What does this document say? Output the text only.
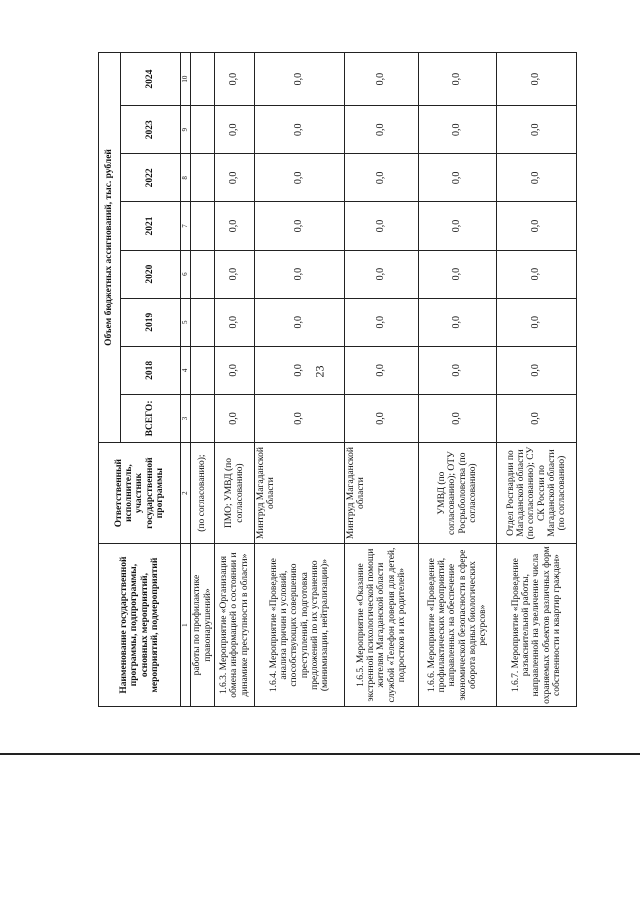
23
Наименование государственной программы, подпрограммы, основных мероприятий, мероприятий, подмероприятий	Ответственный исполнитель, участник государственной программы	Объем бюджетных ассигнований, тыс. рублей							
		ВСЕГО:	2018	2019	2020	2021	2022	2023	2024
1	2	3	4	5	6	7	8	9	10
работы по профилактике правонарушений»	(по согласованию);								
1.6.3. Мероприятие «Организация обмена информацией о состоянии и динамике преступности в области»	ПМО; УМВД (по согласованию)	0,0	0,0	0,0	0,0	0,0	0,0	0,0	0,0
1.6.4. Мероприятие «Проведение анализа причин и условий, способствующих совершению преступлений, подготовка предложений по их устранению (минимизации, нейтрализации)»	Минтруд Магаданской области	0,0	0,0	0,0	0,0	0,0	0,0	0,0	0,0
1.6.5. Мероприятие «Оказание экстренной психологической помощи жителям Магаданской области службой «Телефон доверия для детей, подростков и их родителей»	Минтруд Магаданской области	0,0	0,0	0,0	0,0	0,0	0,0	0,0	0,0
1.6.6. Мероприятие «Проведение профилактических мероприятий, направленных на обеспечение экономической безопасности в сфере оборота водных биологических ресурсов»	УМВД (по согласованию); ОТУ Росрыболовства (по согласованию)	0,0	0,0	0,0	0,0	0,0	0,0	0,0	0,0
1.6.7. Мероприятие «Проведение разъяснительной работы, направленной на увеличение числа охраняемых объектов различных форм собственности и квартир граждан»	Отдел Росгвардии по Магаданской области (по согласованию); СУ СК России по Магаданской области (по согласованию)	0,0	0,0	0,0	0,0	0,0	0,0	0,0	0,0
